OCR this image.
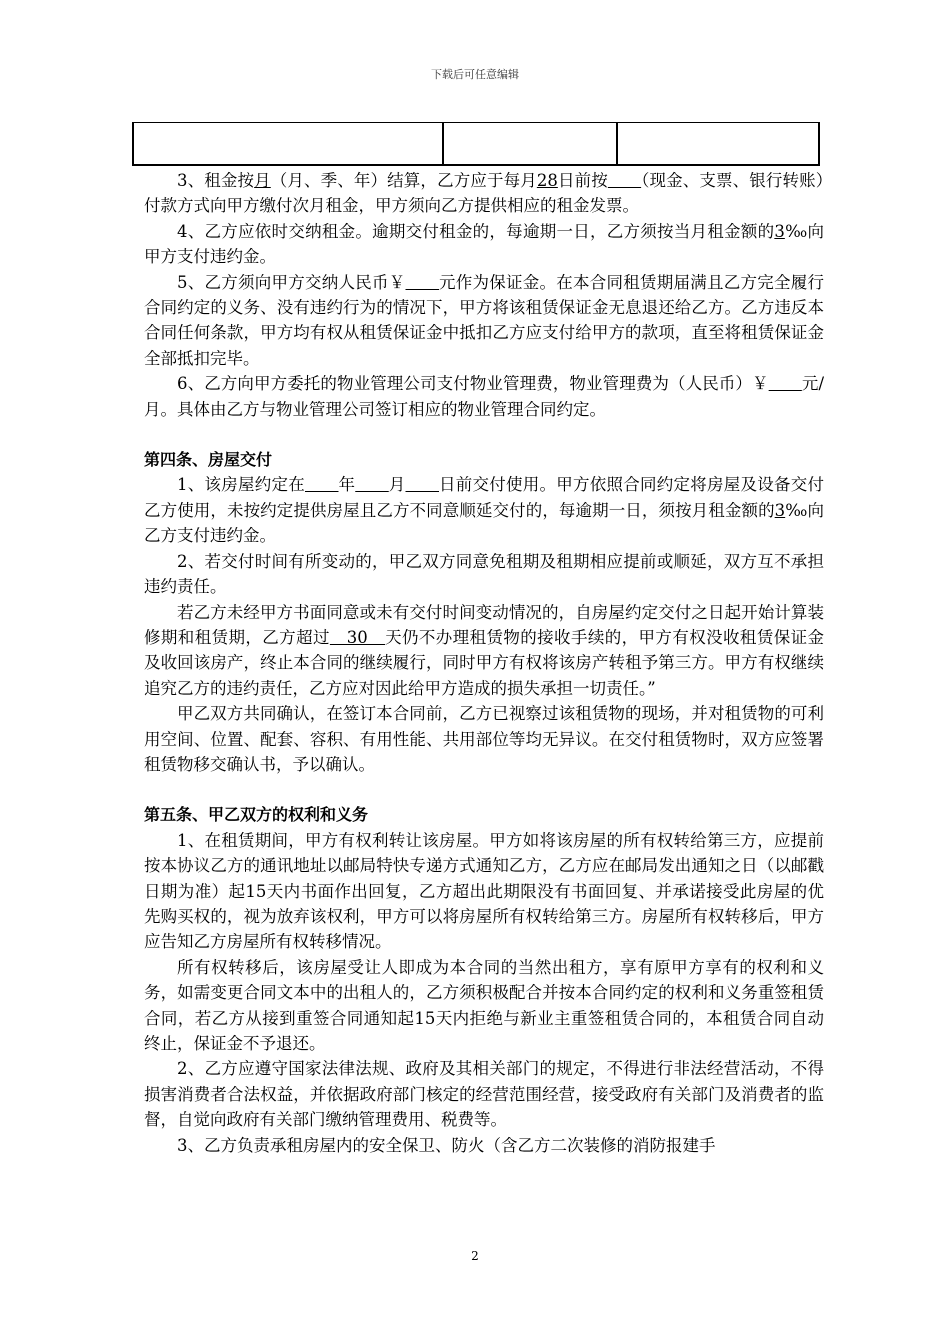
下载后可任意编辑

3、租金按月（月、季、年）结算，乙方应于每月28日前按　　 （现金、支票、银行转账）付款方式向甲方缴付次月租金，甲方须向乙方提供相应的租金发票。

4、乙方应依时交纳租金。逾期交付租金的，每逾期一日，乙方须按当月租金额的3‰向甲方支付违约金。

5、乙方须向甲方交纳人民币￥　　 元作为保证金。在本合同租赁期届满且乙方完全履行合同约定的义务、没有违约行为的情况下，甲方将该租赁保证金无息退还给乙方。乙方违反本合同任何条款，甲方均有权从租赁保证金中抵扣乙方应支付给甲方的款项，直至将租赁保证金全部抵扣完毕。

6、乙方向甲方委托的物业管理公司支付物业管理费，物业管理费为（人民币）￥　　 元/月。具体由乙方与物业管理公司签订相应的物业管理合同约定。

第四条、房屋交付

1、该房屋约定在　　 年　　 月　　 日前交付使用。甲方依照合同约定将房屋及设备交付乙方使用，未按约定提供房屋且乙方不同意顺延交付的，每逾期一日，须按月租金额的3‰向乙方支付违约金。

2、若交付时间有所变动的，甲乙双方同意免租期及租期相应提前或顺延，双方互不承担违约责任。

若乙方未经甲方书面同意或未有交付时间变动情况的，自房屋约定交付之日起开始计算装修期和租赁期，乙方超过　30　天仍不办理租赁物的接收手续的，甲方有权没收租赁保证金及收回该房产，终止本合同的继续履行，同时甲方有权将该房产转租予第三方。甲方有权继续追究乙方的违约责任，乙方应对因此给甲方造成的损失承担一切责任。”

甲乙双方共同确认，在签订本合同前，乙方已视察过该租赁物的现场，并对租赁物的可利用空间、位置、配套、容积、有用性能、共用部位等均无异议。在交付租赁物时，双方应签署租赁物移交确认书，予以确认。

第五条、甲乙双方的权利和义务

1、在租赁期间，甲方有权利转让该房屋。甲方如将该房屋的所有权转给第三方，应提前按本协议乙方的通讯地址以邮局特快专递方式通知乙方，乙方应在邮局发出通知之日（以邮戳日期为准）起15天内书面作出回复，乙方超出此期限没有书面回复、并承诺接受此房屋的优先购买权的，视为放弃该权利，甲方可以将房屋所有权转给第三方。房屋所有权转移后，甲方应告知乙方房屋所有权转移情况。

所有权转移后，该房屋受让人即成为本合同的当然出租方，享有原甲方享有的权利和义务，如需变更合同文本中的出租人的，乙方须积极配合并按本合同约定的权利和义务重签租赁合同，若乙方从接到重签合同通知起15天内拒绝与新业主重签租赁合同的，本租赁合同自动终止，保证金不予退还。

2、乙方应遵守国家法律法规、政府及其相关部门的规定，不得进行非法经营活动，不得损害消费者合法权益，并依据政府部门核定的经营范围经营，接受政府有关部门及消费者的监督，自觉向政府有关部门缴纳管理费用、税费等。

3、乙方负责承租房屋内的安全保卫、防火（含乙方二次装修的消防报建手

2
